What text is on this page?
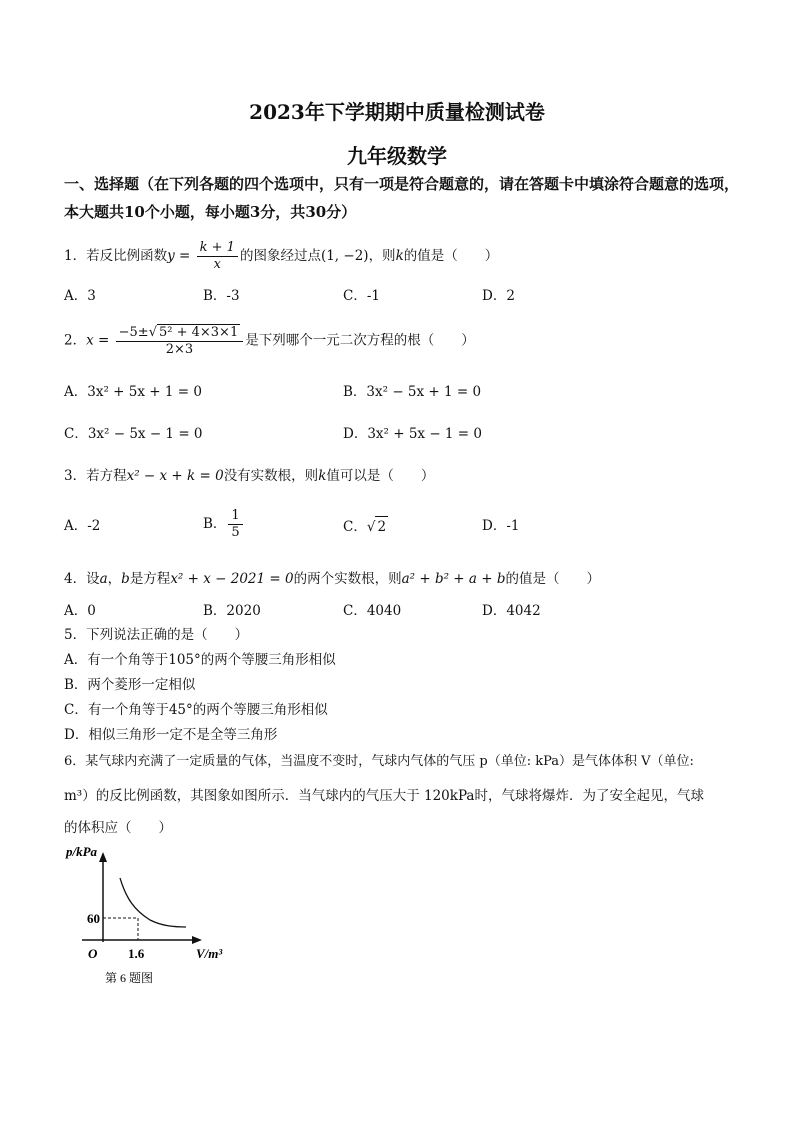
2023年下学期期中质量检测试卷
九年级数学
一、选择题（在下列各题的四个选项中，只有一项是符合题意的，请在答题卡中填涂符合题意的选项，本大题共10个小题，每小题3分，共30分）
1．若反比例函数$y = \frac{k + 1}{x}$ 的图象经过点(1, −2)，则k的值是（　　）
A．3	B．-3	C．-1	D．2
2．$x = \frac{\text{−5±√ 5² + 4×3×1}}{2\times 3}$ 是下列哪个一元二次方程的根（　　）
A．3x² + 5x + 1 = 0	B．3x² − 5x + 1 = 0
C．3x² − 5x − 1 = 0	D．3x² + 5x − 1 = 0
3．若方程x² − x + k = 0没有实数根，则k值可以是（　　）
A．-2	B． $\frac{1}{5}$	C．√ 2	D．-1
4．设a，b是方程x² + x − 2021 = 0的两个实数根，则a² + b² + a + b的值是（　　）
A．0	B．2020	C．4040	D．4042
5．下列说法正确的是（　　）
A．有一个角等于105°的两个等腰三角形相似
B．两个菱形一定相似
C．有一个角等于45°的两个等腰三角形相似
D．相似三角形一定不是全等三角形
6．某气球内充满了一定质量的气体，当温度不变时，气球内气体的气压 p（单位: kPa）是气体体积 V（单位:
m³）的反比例函数，其图象如图所示．当气球内的气压大于 120kPa时，气球将爆炸．为了安全起见，气球
的体积应（　　）
p/kPa
V/m³
O
60
1.6
第 6 题图
